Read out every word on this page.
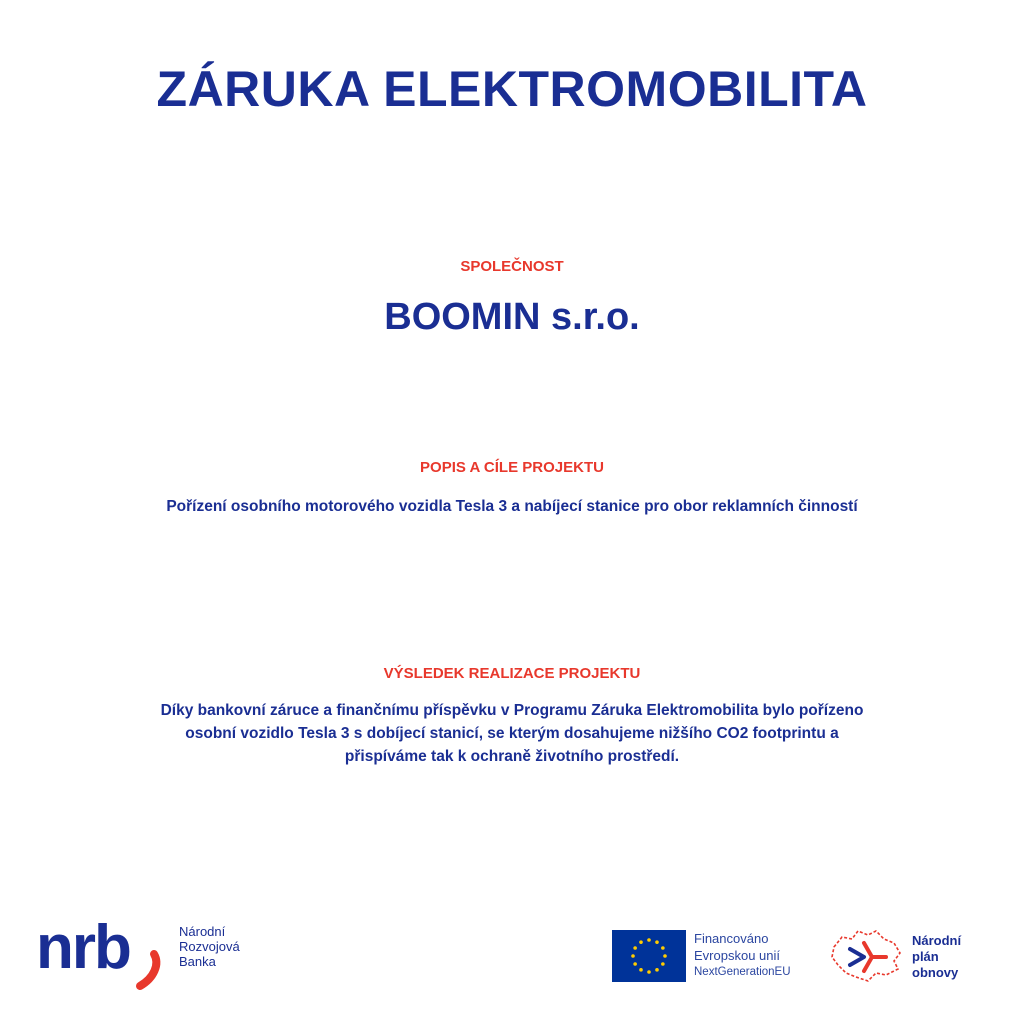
ZÁRUKA ELEKTROMOBILITA

SPOLEČNOST

BOOMIN s.r.o.

POPIS A CÍLE PROJEKTU

Pořízení osobního motorového vozidla Tesla 3 a nabíjecí stanice pro obor reklamních činností

VÝSLEDEK REALIZACE PROJEKTU

Díky bankovní záruce a finančnímu příspěvku v Programu Záruka Elektromobilita bylo pořízeno

osobní vozidlo Tesla 3 s dobíjecí stanicí, se kterým dosahujeme nižšího CO2 footprintu a

přispíváme tak k ochraně životního prostředí.

nrb	Národní
Rozvojová
Banka
Financováno
Evropskou unií
NextGenerationEU
Národní
plán
obnovy
